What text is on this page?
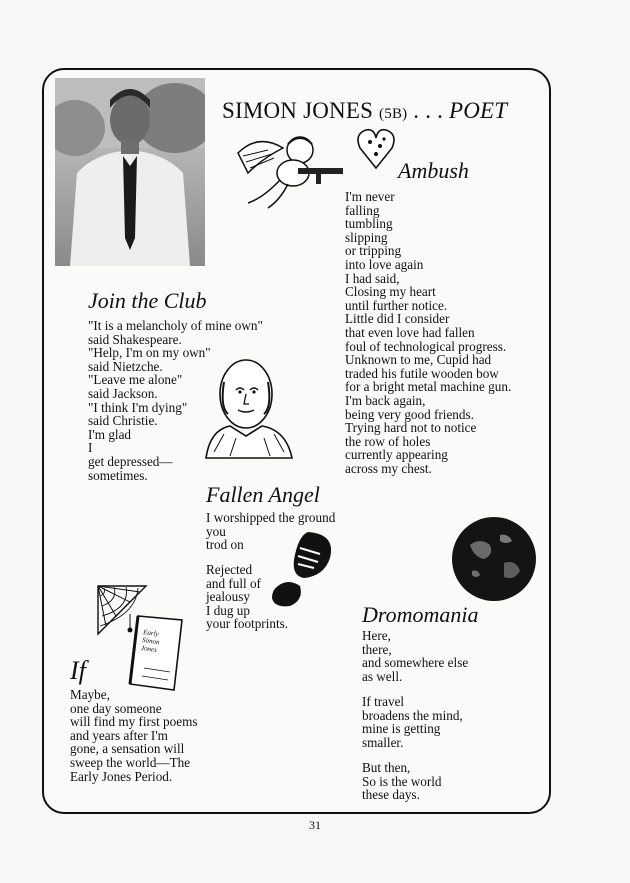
SIMON JONES (5B) . . . POET
Ambush
I'm never
falling
tumbling
slipping
or tripping
into love again
I had said,
Closing my heart
until further notice.
Little did I consider
that even love had fallen
foul of technological progress.
Unknown to me, Cupid had
traded his futile wooden bow
for a bright metal machine gun.
I'm back again,
being very good friends.
Trying hard not to notice
the row of holes
currently appearing
across my chest.
Join the Club
"It is a melancholy of mine own"
said Shakespeare.
"Help, I'm on my own"
said Nietzche.
"Leave me alone"
said Jackson.
"I think I'm dying"
said Christie.
I'm glad
I
get depressed—
sometimes.
Fallen Angel
I worshipped the ground
you
trod on
Rejected
and full of
jealousy
I dug up
your footprints.
Early Simon Jones
Dromomania
Here,
there,
and somewhere else
as well.
If travel
broadens the mind,
mine is getting
smaller.
But then,
So is the world
these days.
If
Maybe,
one day someone
will find my first poems
and years after I'm
gone, a sensation will
sweep the world—The
Early Jones Period.
31
